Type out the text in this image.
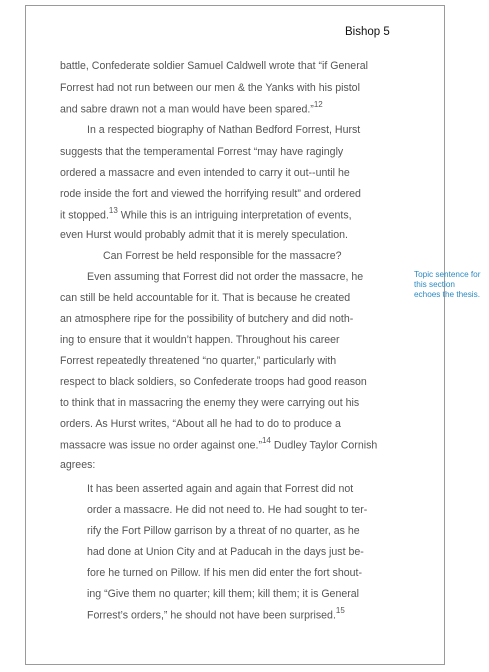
Bishop 5
battle, Confederate soldier Samuel Caldwell wrote that “if General
Forrest had not run between our men & the Yanks with his pistol
and sabre drawn not a man would have been spared.”$^{12}$
In a respected biography of Nathan Bedford Forrest, Hurst
suggests that the temperamental Forrest “may have ragingly
ordered a massacre and even intended to carry it out--until he
rode inside the fort and viewed the horrifying result” and ordered
it stopped.$^{13}$ While this is an intriguing interpretation of events,
even Hurst would probably admit that it is merely speculation.
Can Forrest be held responsible for the massacre?
Even assuming that Forrest did not order the massacre, he
can still be held accountable for it. That is because he created
an atmosphere ripe for the possibility of butchery and did noth-
ing to ensure that it wouldn’t happen. Throughout his career
Forrest repeatedly threatened “no quarter,” particularly with
respect to black soldiers, so Confederate troops had good reason
to think that in massacring the enemy they were carrying out his
orders. As Hurst writes, “About all he had to do to produce a
massacre was issue no order against one.”$^{14}$ Dudley Taylor Cornish
agrees:
It has been asserted again and again that Forrest did not
order a massacre. He did not need to. He had sought to ter-
rify the Fort Pillow garrison by a threat of no quarter, as he
had done at Union City and at Paducah in the days just be-
fore he turned on Pillow. If his men did enter the fort shout-
ing “Give them no quarter; kill them; kill them; it is General
Forrest’s orders,” he should not have been surprised.$^{15}$
Topic sentence for
this section
echoes the thesis.
